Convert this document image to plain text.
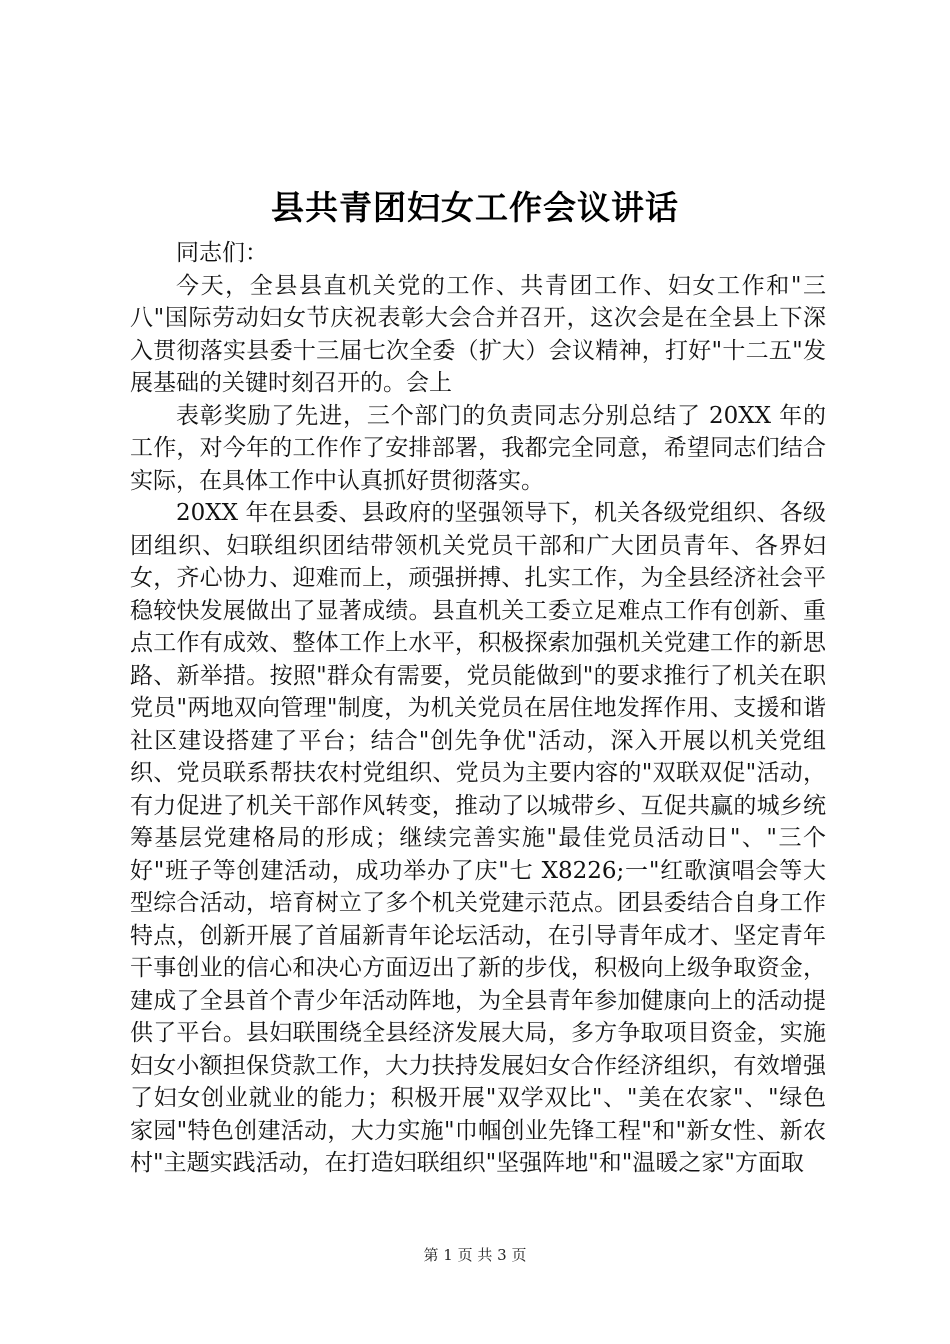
县共青团妇女工作会议讲话

同志们：

今天，全县县直机关党的工作、共青团工作、妇女工作和"三八"国际劳动妇女节庆祝表彰大会合并召开，这次会是在全县上下深入贯彻落实县委十三届七次全委（扩大）会议精神，打好"十二五"发展基础的关键时刻召开的。会上

表彰奖励了先进，三个部门的负责同志分别总结了 20XX 年的工作，对今年的工作作了安排部署，我都完全同意，希望同志们结合实际，在具体工作中认真抓好贯彻落实。

20XX 年在县委、县政府的坚强领导下，机关各级党组织、各级团组织、妇联组织团结带领机关党员干部和广大团员青年、各界妇女，齐心协力、迎难而上，顽强拼搏、扎实工作，为全县经济社会平稳较快发展做出了显著成绩。县直机关工委立足难点工作有创新、重点工作有成效、整体工作上水平，积极探索加强机关党建工作的新思路、新举措。按照"群众有需要，党员能做到"的要求推行了机关在职党员"两地双向管理"制度，为机关党员在居住地发挥作用、支援和谐社区建设搭建了平台；结合"创先争优"活动，深入开展以机关党组织、党员联系帮扶农村党组织、党员为主要内容的"双联双促"活动，有力促进了机关干部作风转变，推动了以城带乡、互促共赢的城乡统筹基层党建格局的形成；继续完善实施"最佳党员活动日"、"三个好"班子等创建活动，成功举办了庆"七 X8226;一"红歌演唱会等大型综合活动，培育树立了多个机关党建示范点。团县委结合自身工作特点，创新开展了首届新青年论坛活动，在引导青年成才、坚定青年干事创业的信心和决心方面迈出了新的步伐，积极向上级争取资金，建成了全县首个青少年活动阵地，为全县青年参加健康向上的活动提供了平台。县妇联围绕全县经济发展大局，多方争取项目资金，实施妇女小额担保贷款工作，大力扶持发展妇女合作经济组织，有效增强了妇女创业就业的能力；积极开展"双学双比"、"美在农家"、"绿色家园"特色创建活动，大力实施"巾帼创业先锋工程"和"新女性、新农村"主题实践活动，在打造妇联组织"坚强阵地"和"温暖之家"方面取

第 1 页 共 3 页
